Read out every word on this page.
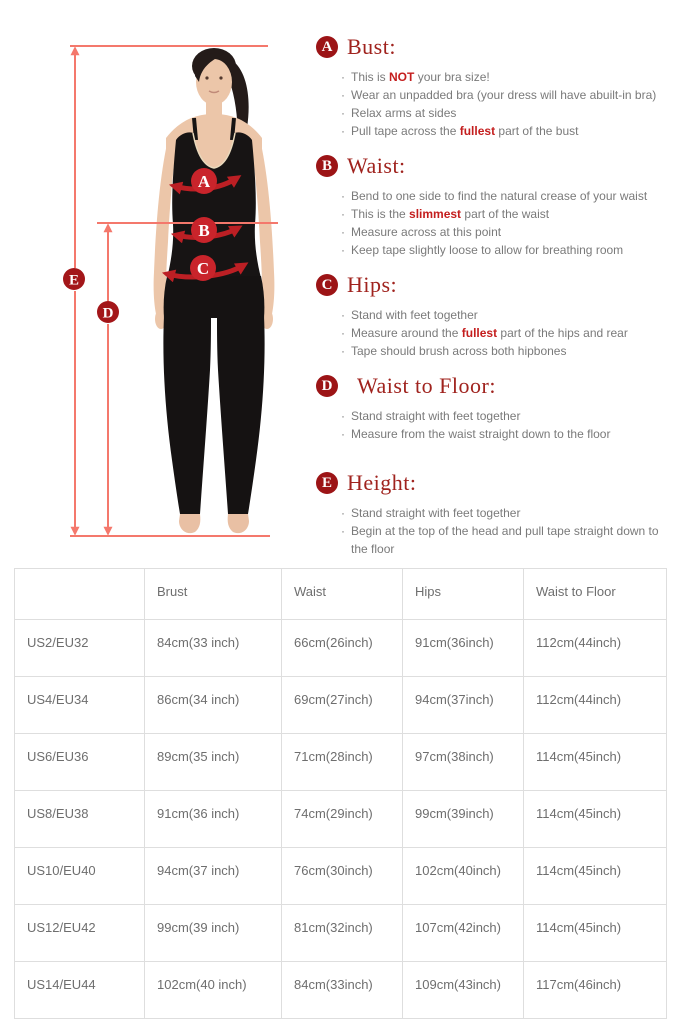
A
B
C
E
D
A Bust:
· This is NOT your bra size!
· Wear an unpadded bra (your dress will have abuilt-in bra)
· Relax arms at sides
· Pull tape across the fullest part of the bust
B Waist:
· Bend to one side to find the natural crease of your waist
· This is the slimmest part of the waist
· Measure across at this point
· Keep tape slightly loose to allow for breathing room
C Hips:
· Stand with feet together
· Measure around the fullest part of the hips and rear
· Tape should brush across both hipbones
D Waist to Floor:
· Stand straight with feet together
· Measure from the waist straight down to the floor
E Height:
· Stand straight with feet together
· Begin at the top of the head and pull tape straight down to the floor
	Brust	Waist	Hips	Waist to Floor
US2/EU32	84cm(33 inch)	66cm(26inch)	91cm(36inch)	112cm(44inch)
US4/EU34	86cm(34 inch)	69cm(27inch)	94cm(37inch)	112cm(44inch)
US6/EU36	89cm(35 inch)	71cm(28inch)	97cm(38inch)	114cm(45inch)
US8/EU38	91cm(36 inch)	74cm(29inch)	99cm(39inch)	114cm(45inch)
US10/EU40	94cm(37 inch)	76cm(30inch)	102cm(40inch)	114cm(45inch)
US12/EU42	99cm(39 inch)	81cm(32inch)	107cm(42inch)	114cm(45inch)
US14/EU44	102cm(40 inch)	84cm(33inch)	109cm(43inch)	117cm(46inch)
